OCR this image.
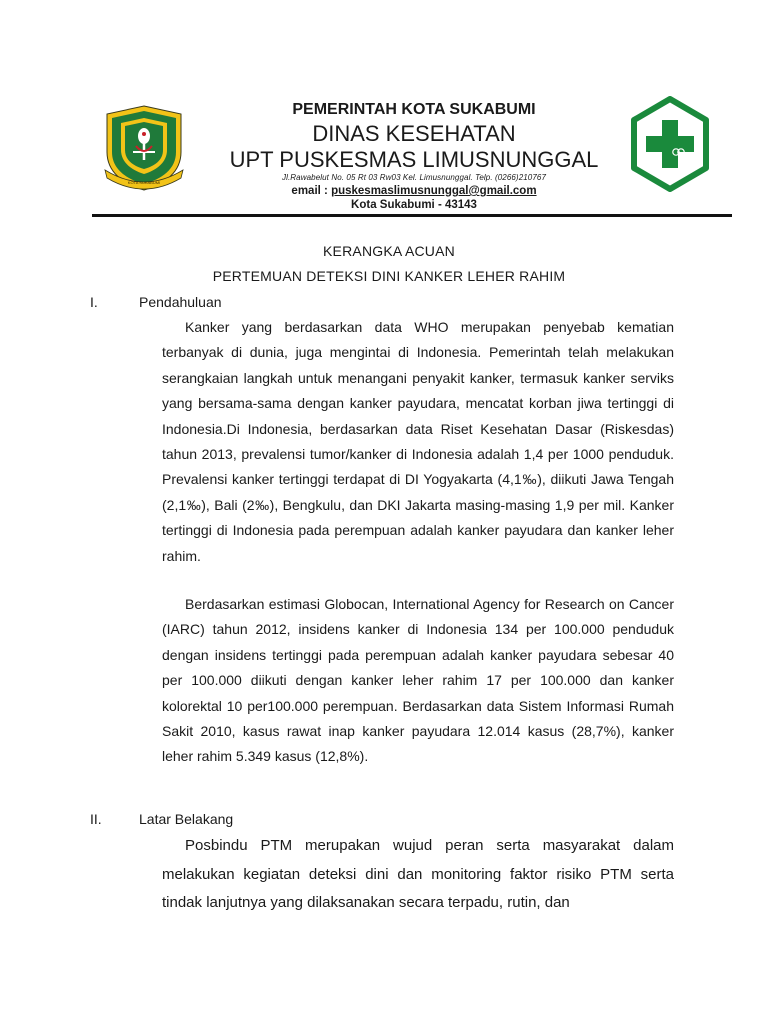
KOTA SUKABUMI
PEMERINTAH KOTA SUKABUMI
DINAS KESEHATAN
UPT PUSKESMAS LIMUSNUNGGAL
Jl.Rawabelut No. 05 Rt 03 Rw03 Kel. Limusnunggal. Telp. (0266)210767
email : puskesmaslimusnunggal@gmail.com
Kota Sukabumi - 43143
KERANGKA ACUAN
PERTEMUAN DETEKSI DINI KANKER LEHER RAHIM
I.	Pendahuluan

Kanker yang berdasarkan data WHO merupakan penyebab kematian terbanyak di dunia, juga mengintai di Indonesia. Pemerintah telah melakukan serangkaian langkah untuk menangani penyakit kanker, termasuk kanker serviks yang bersama-sama dengan kanker payudara, mencatat korban jiwa tertinggi di Indonesia.Di Indonesia, berdasarkan data Riset Kesehatan Dasar (Riskesdas) tahun 2013, prevalensi tumor/kanker di Indonesia adalah 1,4 per 1000 penduduk. Prevalensi kanker tertinggi terdapat di DI Yogyakarta (4,1‰), diikuti Jawa Tengah (2,1‰), Bali (2‰), Bengkulu, dan DKI Jakarta masing-masing 1,9 per mil. Kanker tertinggi di Indonesia pada perempuan adalah kanker payudara dan kanker leher rahim.

Berdasarkan estimasi Globocan, International Agency for Research on Cancer (IARC) tahun 2012, insidens kanker di Indonesia 134 per 100.000 penduduk dengan insidens tertinggi pada perempuan adalah kanker payudara sebesar 40 per 100.000 diikuti dengan kanker leher rahim 17 per 100.000 dan kanker kolorektal 10 per100.000 perempuan. Berdasarkan data Sistem Informasi Rumah Sakit 2010, kasus rawat inap kanker payudara 12.014 kasus (28,7%), kanker leher rahim 5.349 kasus (12,8%).

II.	Latar Belakang

Posbindu PTM merupakan wujud peran serta masyarakat dalam melakukan kegiatan deteksi dini dan monitoring faktor risiko PTM serta tindak lanjutnya yang dilaksanakan secara terpadu, rutin, dan
